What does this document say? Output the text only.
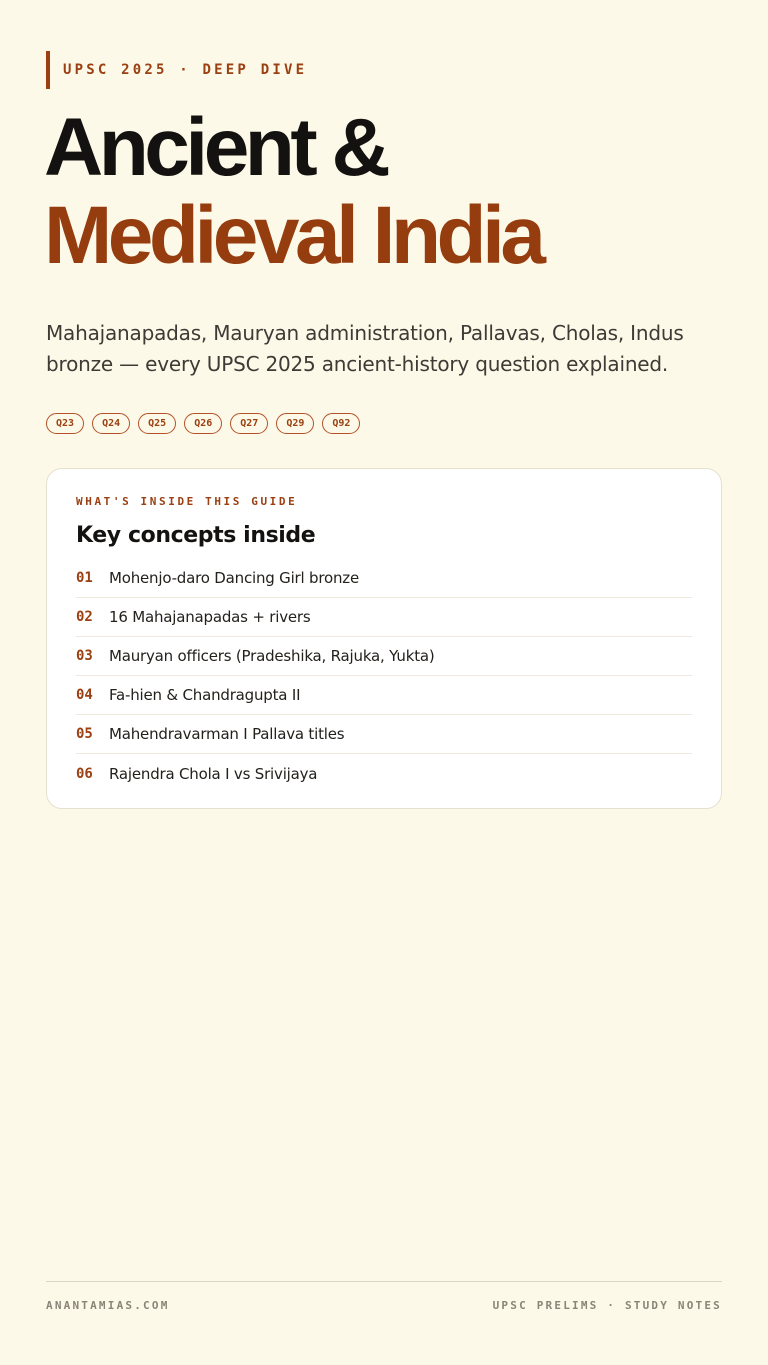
UPSC 2025 · DEEP DIVE
Ancient &
Medieval India

Mahajanapadas, Mauryan administration, Pallavas, Cholas, Indus bronze — every UPSC 2025 ancient-history question explained.

Q23	Q24	Q25	Q26	Q27	Q29	Q92
WHAT'S INSIDE THIS GUIDE
Key concepts inside
01	Mohenjo-daro Dancing Girl bronze
02	16 Mahajanapadas + rivers
03	Mauryan officers (Pradeshika, Rajuka, Yukta)
04	Fa-hien & Chandragupta II
05	Mahendravarman I Pallava titles
06	Rajendra Chola I vs Srivijaya
ANANTAMIAS.COM	UPSC PRELIMS · STUDY NOTES
